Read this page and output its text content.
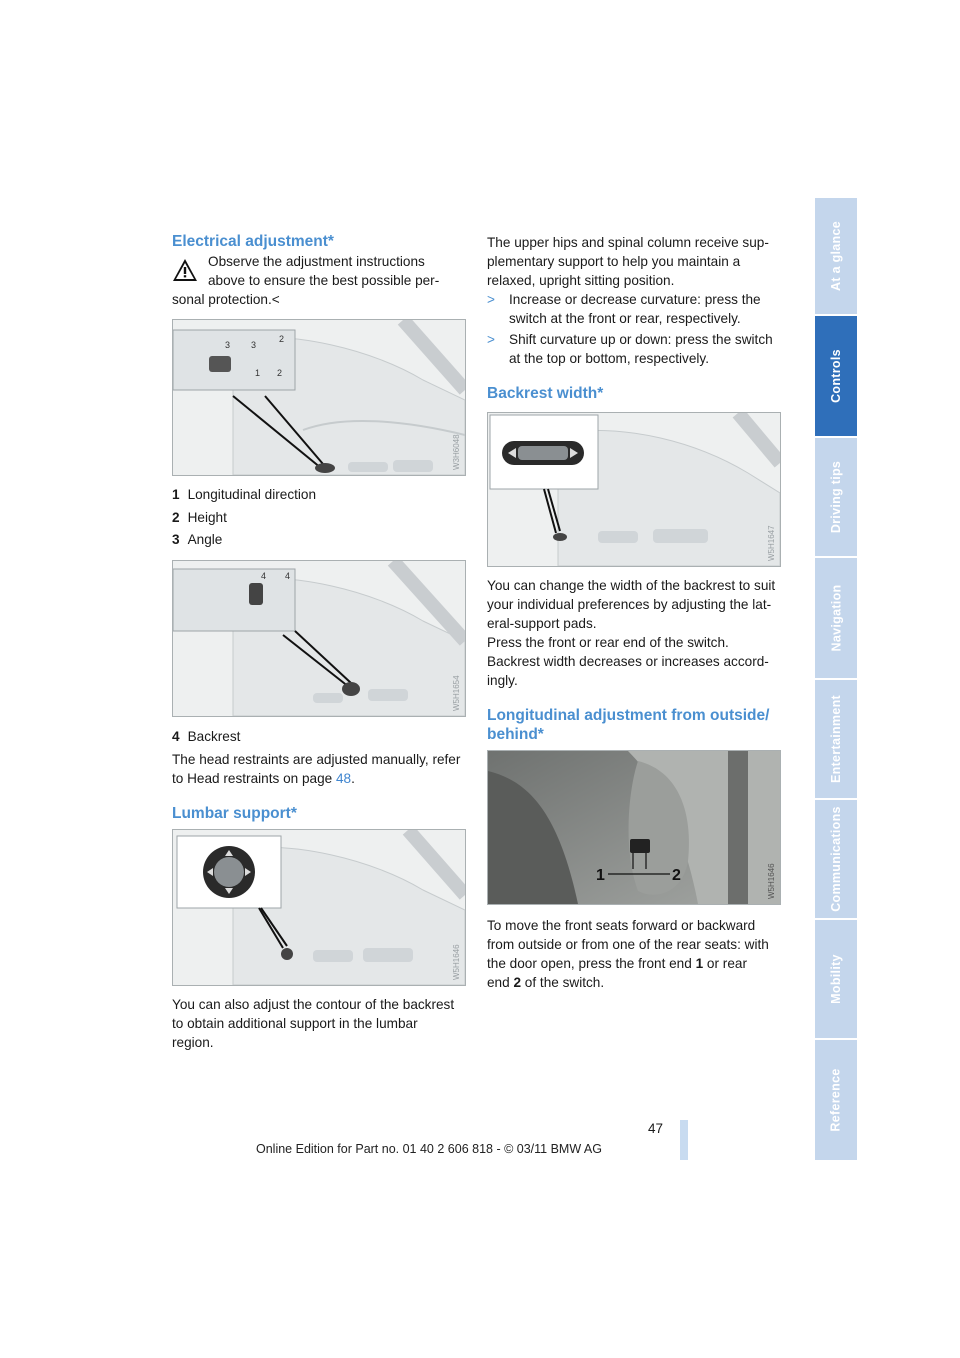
At a glance
Controls
Driving tips
Navigation
Entertainment
Communications
Mobility
Reference
Electrical adjustment*
Observe the adjustment instructions
above to ensure the best possible per-
sonal protection.<
3 3
2
1 2
W3H6048
1 Longitudinal direction
2 Height
3 Angle
4 4
W5H1654
4 Backrest
The head restraints are adjusted manually, refer
to Head restraints on page 48.
Lumbar support*
W5H1646
You can also adjust the contour of the backrest
to obtain additional support in the lumbar
region.
The upper hips and spinal column receive sup-
plementary support to help you maintain a
relaxed, upright sitting position.
> Increase or decrease curvature: press the
switch at the front or rear, respectively.
> Shift curvature up or down: press the switch
at the top or bottom, respectively.
Backrest width*
W5H1647
You can change the width of the backrest to suit
your individual preferences by adjusting the lat-
eral-support pads.
Press the front or rear end of the switch.
Backrest width decreases or increases accord-
ingly.
Longitudinal adjustment from outside/
behind*
1	2	W5H1646
To move the front seats forward or backward
from outside or from one of the rear seats: with
the door open, press the front end 1 or rear
end 2 of the switch.
47
Online Edition for Part no. 01 40 2 606 818 - © 03/11 BMW AG
